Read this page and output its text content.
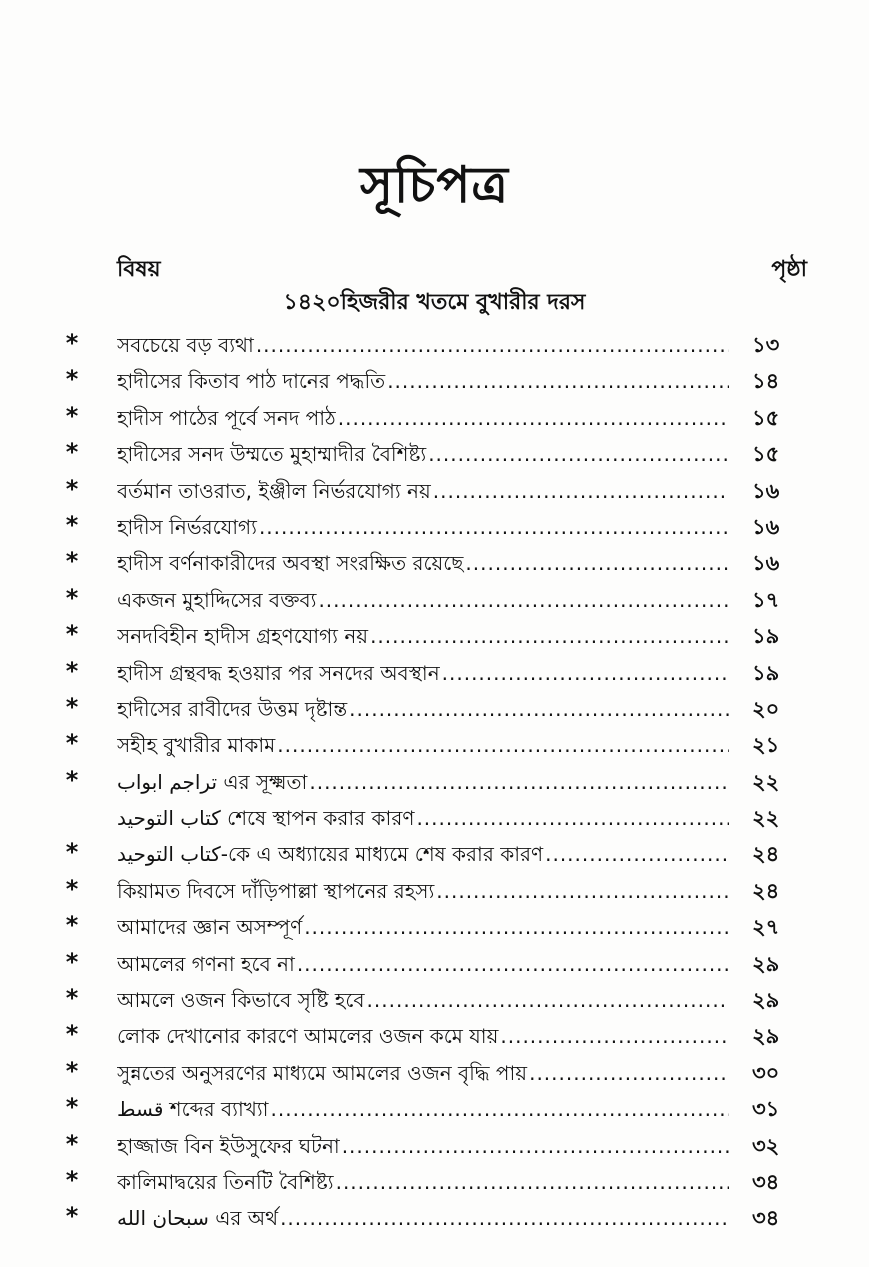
সূচিপত্র
বিষয়	পৃষ্ঠা
১৪২০হিজরীর খতমে বুখারীর দরস
* সবচেয়ে বড় ব্যথা .....	১৩
* হাদীসের কিতাব পাঠ দানের পদ্ধতি .....	১৪
* হাদীস পাঠের পূর্বে সনদ পাঠ .....	১৫
* হাদীসের সনদ উম্মতে মুহাম্মাদীর বৈশিষ্ট্য .....	১৫
* বর্তমান তাওরাত, ইঞ্জীল নির্ভরযোগ্য নয় .....	১৬
* হাদীস নির্ভরযোগ্য .....	১৬
* হাদীস বর্ণনাকারীদের অবস্থা সংরক্ষিত রয়েছে .....	১৬
* একজন মুহাদ্দিসের বক্তব্য .....	১৭
* সনদবিহীন হাদীস গ্রহণযোগ্য নয় .....	১৯
* হাদীস গ্রন্থবদ্ধ হওয়ার পর সনদের অবস্থান .....	১৯
* হাদীসের রাবীদের উত্তম দৃষ্টান্ত .....	২০
* সহীহ বুখারীর মাকাম .....	২১
* تراجم ابواب এর সূক্ষ্মতা .....	২২
كتاب التوحيد শেষে স্থাপন করার কারণ .....	২২
* كتاب التوحيد-কে এ অধ্যায়ের মাধ্যমে শেষ করার কারণ .....	২৪
* কিয়ামত দিবসে দাঁড়িপাল্লা স্থাপনের রহস্য .....	২৪
* আমাদের জ্ঞান অসম্পূর্ণ .....	২৭
* আমলের গণনা হবে না .....	২৯
* আমলে ওজন কিভাবে সৃষ্টি হবে .....	২৯
* লোক দেখানোর কারণে আমলের ওজন কমে যায় .....	২৯
* সুন্নতের অনুসরণের মাধ্যমে আমলের ওজন বৃদ্ধি পায় .....	৩০
* قسط শব্দের ব্যাখ্যা .....	৩১
* হাজ্জাজ বিন ইউসুফের ঘটনা .....	৩২
* কালিমাদ্বয়ের তিনটি বৈশিষ্ট্য .....	৩৪
* سبحان الله এর অর্থ .....	৩৪
